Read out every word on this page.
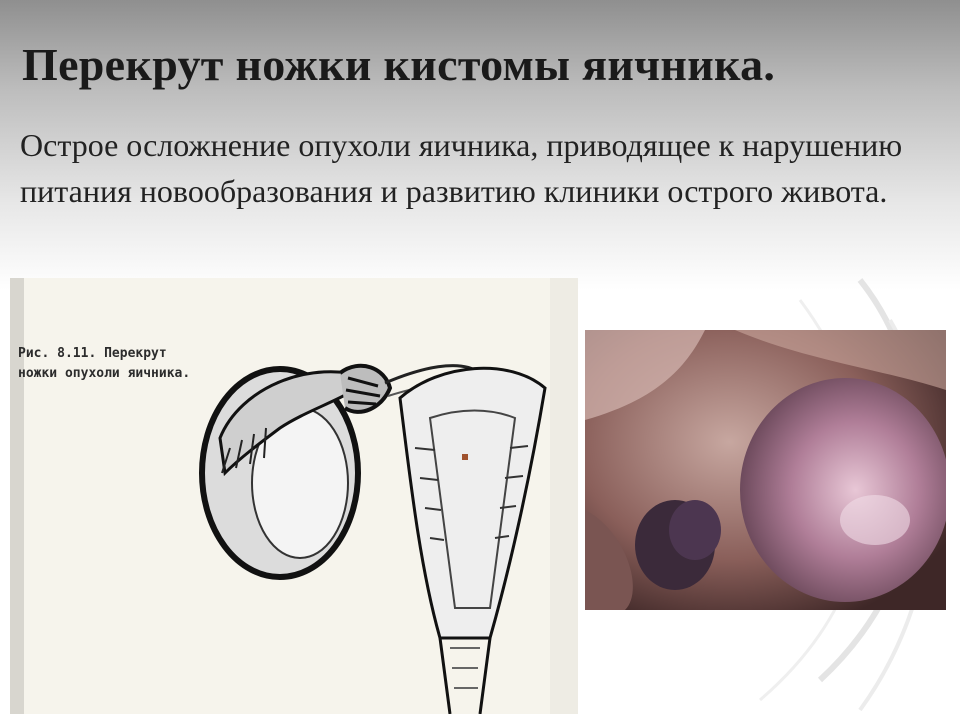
Перекрут ножки кистомы яичника.
Острое осложнение опухоли яичника, приводящее к нарушению питания новообразования и развитию клиники острого живота.
Рис. 8.11. Перекрут ножки опухоли яичника.
